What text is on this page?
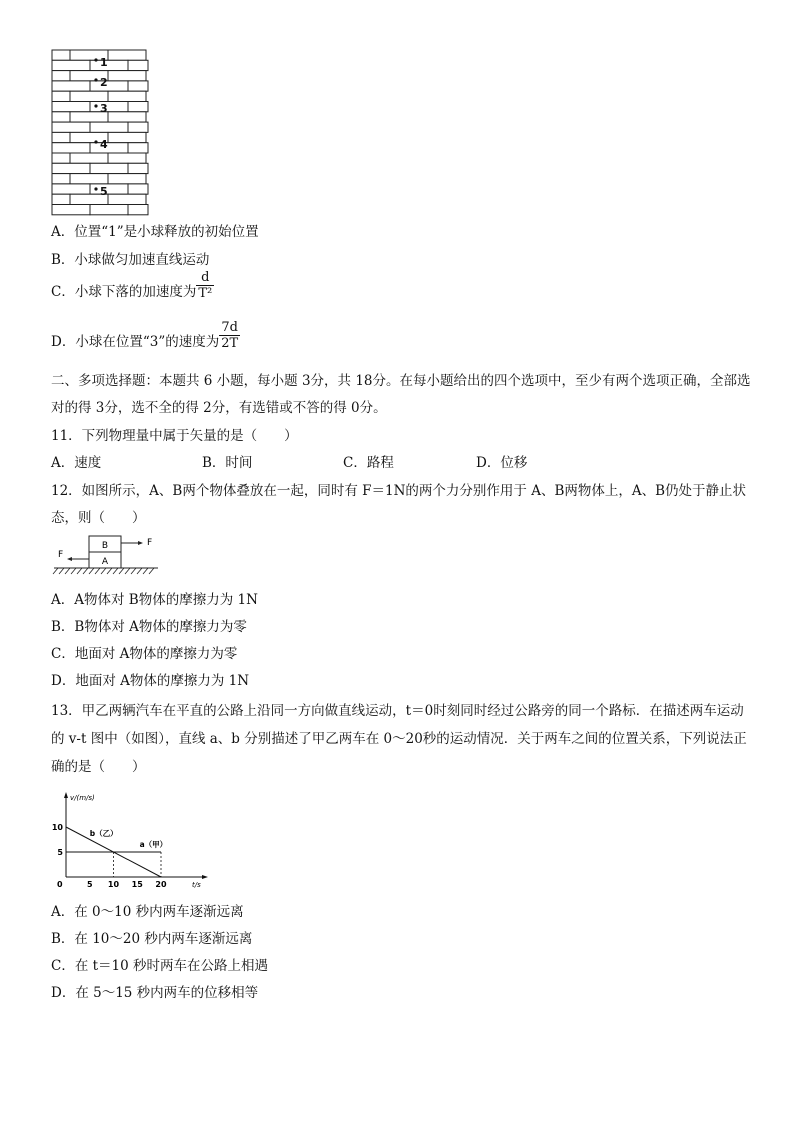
1
2
3
4
5
A．位置“1”是小球释放的初始位置
B．小球做匀加速直线运动
C．小球下落的加速度为 $\frac{d}{\text{T²}}$
D．小球在位置“3”的速度为 $\frac{7d}{2T}$
二、多项选择题：本题共 6 小题，每小题 3分，共 18分。在每小题给出的四个选项中，至少有两个选项正确，全部选对的得 3分，选不全的得 2分，有选错或不答的得 0分。
11．下列物理量中属于矢量的是（　　）
A．速度	B．时间	C．路程	D．位移
12．如图所示，A、B两个物体叠放在一起，同时有 F＝1N的两个力分别作用于 A、B两物体上，A、B仍处于静止状态，则（　　）
B
A
F
F
A．A物体对 B物体的摩擦力为 1N
B．B物体对 A物体的摩擦力为零
C．地面对 A物体的摩擦力为零
D．地面对 A物体的摩擦力为 1N
13．甲乙两辆汽车在平直的公路上沿同一方向做直线运动，t＝0时刻同时经过公路旁的同一个路标．在描述两车运动的 v-t 图中（如图），直线 a、b 分别描述了甲乙两车在 0～20秒的运动情况．关于两车之间的位置关系，下列说法正确的是（　　）
v/(m/s)
t/s
0	5 10 15 20
5
10
a（甲）
b（乙）
A．在 0～10 秒内两车逐渐远离
B．在 10～20 秒内两车逐渐远离
C．在 t＝10 秒时两车在公路上相遇
D．在 5～15 秒内两车的位移相等
